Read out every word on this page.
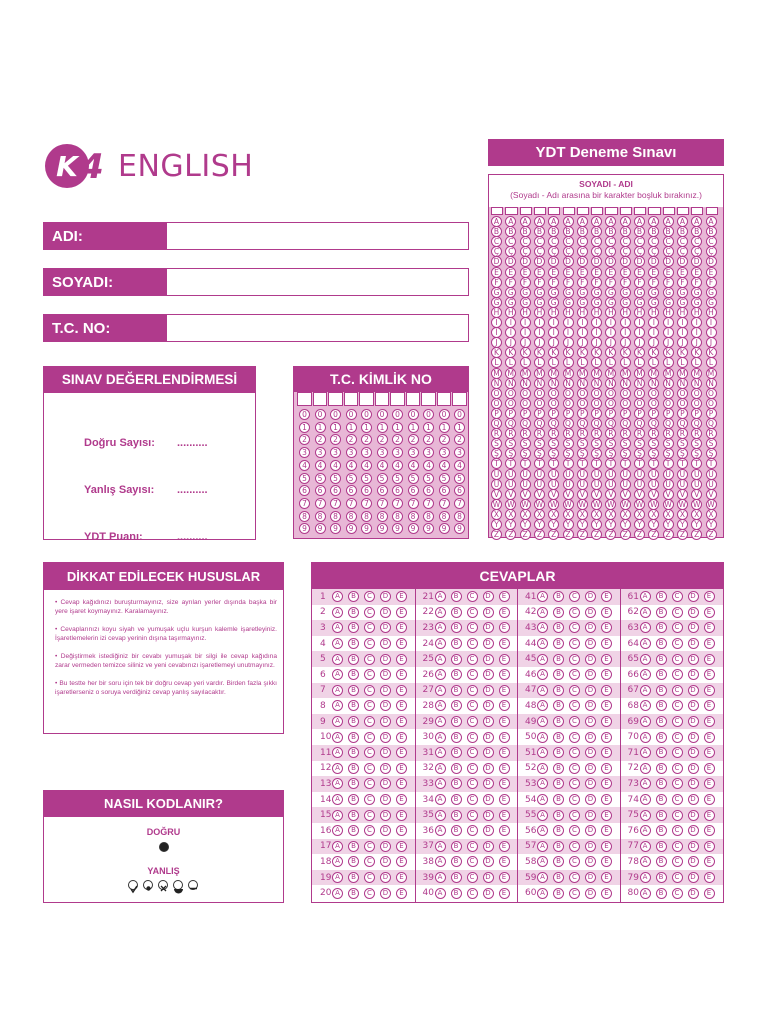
K 4 ENGLISH
ADI:
SOYADI:
T.C. NO:
SINAV DEĞERLENDİRMESİ
Doğru Sayısı: ..........
Yanlış Sayısı: ..........
YDT Puanı:	..........
T.C. KİMLİK NO
0	0	0	0	0	0	0	0	0	0	0
1	1	1	1	1	1	1	1	1	1	1
2	2	2	2	2	2	2	2	2	2	2
3	3	3	3	3	3	3	3	3	3	3
4	4	4	4	4	4	4	4	4	4	4
5	5	5	5	5	5	5	5	5	5	5
6	6	6	6	6	6	6	6	6	6	6
7	7	7	7	7	7	7	7	7	7	7
8	8	8	8	8	8	8	8	8	8	8
9	9	9	9	9	9	9	9	9	9	9
YDT Deneme Sınavı
SOYADI - ADI
(Soyadı - Adı arasına bir karakter boşluk bırakınız.)
A	A	A	A	A	A	A	A	A	A	A	A	A	A	A	A
B	B	B	B	B	B	B	B	B	B	B	B	B	B	B	B
C	C	C	C	C	C	C	C	C	C	C	C	C	C	C	C
Ç	Ç	Ç	Ç	Ç	Ç	Ç	Ç	Ç	Ç	Ç	Ç	Ç	Ç	Ç	Ç
D	D	D	D	D	D	D	D	D	D	D	D	D	D	D	D
E	E	E	E	E	E	E	E	E	E	E	E	E	E	E	E
F	F	F	F	F	F	F	F	F	F	F	F	F	F	F	F
G	G	G	G	G	G	G	G	G	G	G	G	G	G	G	G
Ğ	Ğ	Ğ	Ğ	Ğ	Ğ	Ğ	Ğ	Ğ	Ğ	Ğ	Ğ	Ğ	Ğ	Ğ	Ğ
H	H	H	H	H	H	H	H	H	H	H	H	H	H	H	H
I	I	I	I	I	I	I	I	I	I	I	I	I	I	I	I
İ	İ	İ	İ	İ	İ	İ	İ	İ	İ	İ	İ	İ	İ	İ	İ
J	J	J	J	J	J	J	J	J	J	J	J	J	J	J	J
K	K	K	K	K	K	K	K	K	K	K	K	K	K	K	K
L	L	L	L	L	L	L	L	L	L	L	L	L	L	L	L
M	M	M	M	M	M	M	M	M	M	M	M	M	M	M	M
N	N	N	N	N	N	N	N	N	N	N	N	N	N	N	N
O	O	O	O	O	O	O	O	O	O	O	O	O	O	O	O
Ö	Ö	Ö	Ö	Ö	Ö	Ö	Ö	Ö	Ö	Ö	Ö	Ö	Ö	Ö	Ö
P	P	P	P	P	P	P	P	P	P	P	P	P	P	P	P
Q	Q	Q	Q	Q	Q	Q	Q	Q	Q	Q	Q	Q	Q	Q	Q
R	R	R	R	R	R	R	R	R	R	R	R	R	R	R	R
S	S	S	S	S	S	S	S	S	S	S	S	S	S	S	S
Ş	Ş	Ş	Ş	Ş	Ş	Ş	Ş	Ş	Ş	Ş	Ş	Ş	Ş	Ş	Ş
T	T	T	T	T	T	T	T	T	T	T	T	T	T	T	T
U	U	U	U	U	U	U	U	U	U	U	U	U	U	U	U
Ü	Ü	Ü	Ü	Ü	Ü	Ü	Ü	Ü	Ü	Ü	Ü	Ü	Ü	Ü	Ü
V	V	V	V	V	V	V	V	V	V	V	V	V	V	V	V
W W W W W W W W W W W W W W W W
X	X	X	X	X	X	X	X	X	X	X	X	X	X	X	X
Y	Y	Y	Y	Y	Y	Y	Y	Y	Y	Y	Y	Y	Y	Y	Y
Z	Z	Z	Z	Z	Z	Z	Z	Z	Z	Z	Z	Z	Z	Z	Z
DİKKAT EDİLECEK HUSUSLAR

• Cevap kağıdınızı buruşturmayınız, size ayrılan yerler dışında başka bir yere işaret koymayınız. Karalamayınız.

• Cevaplarınızı koyu siyah ve yumuşak uçlu kurşun kalemle işaretleyiniz. İşaretlemelerin izi cevap yerinin dışına taşırmayınız.

• Değiştirmek istediğiniz bir cevabı yumuşak bir silgi ile cevap kağıdına zarar vermeden temizce siliniz ve yeni cevabınızı işaretlemeyi unutmayınız.

• Bu testte her bir soru için tek bir doğru cevap yeri vardır. Birden fazla şıkkı işaretlerseniz o soruya verdiğiniz cevap yanlış sayılacaktır.

NASIL KODLANIR?
DOĞRU
YANLIŞ
CEVAPLAR
1	A	B	C	D	E
2	A	B	C	D	E
3	A	B	C	D	E
4	A	B	C	D	E
5	A	B	C	D	E
6	A	B	C	D	E
7	A	B	C	D	E
8	A	B	C	D	E
9	A	B	C	D	E
10 A	B	C	D	E
11 A	B	C	D	E
12 A	B	C	D	E
13 A	B	C	D	E
14 A	B	C	D	E
15 A	B	C	D	E
16 A	B	C	D	E
17 A	B	C	D	E
18 A	B	C	D	E
19 A	B	C	D	E
20 A	B	C	D	E
21 A	B	C	D	E
22 A	B	C	D	E
23 A	B	C	D	E
24 A	B	C	D	E
25 A	B	C	D	E
26 A	B	C	D	E
27 A	B	C	D	E
28 A	B	C	D	E
29 A	B	C	D	E
30 A	B	C	D	E
31 A	B	C	D	E
32 A	B	C	D	E
33 A	B	C	D	E
34 A	B	C	D	E
35 A	B	C	D	E
36 A	B	C	D	E
37 A	B	C	D	E
38 A	B	C	D	E
39 A	B	C	D	E
40 A	B	C	D	E
41 A	B	C	D	E
42 A	B	C	D	E
43 A	B	C	D	E
44 A	B	C	D	E
45 A	B	C	D	E
46 A	B	C	D	E
47 A	B	C	D	E
48 A	B	C	D	E
49 A	B	C	D	E
50 A	B	C	D	E
51 A	B	C	D	E
52 A	B	C	D	E
53 A	B	C	D	E
54 A	B	C	D	E
55 A	B	C	D	E
56 A	B	C	D	E
57 A	B	C	D	E
58 A	B	C	D	E
59 A	B	C	D	E
60 A	B	C	D	E
61 A	B	C	D	E
62 A	B	C	D	E
63 A	B	C	D	E
64 A	B	C	D	E
65 A	B	C	D	E
66 A	B	C	D	E
67 A	B	C	D	E
68 A	B	C	D	E
69 A	B	C	D	E
70 A	B	C	D	E
71 A	B	C	D	E
72 A	B	C	D	E
73 A	B	C	D	E
74 A	B	C	D	E
75 A	B	C	D	E
76 A	B	C	D	E
77 A	B	C	D	E
78 A	B	C	D	E
79 A	B	C	D	E
80 A	B	C	D	E
